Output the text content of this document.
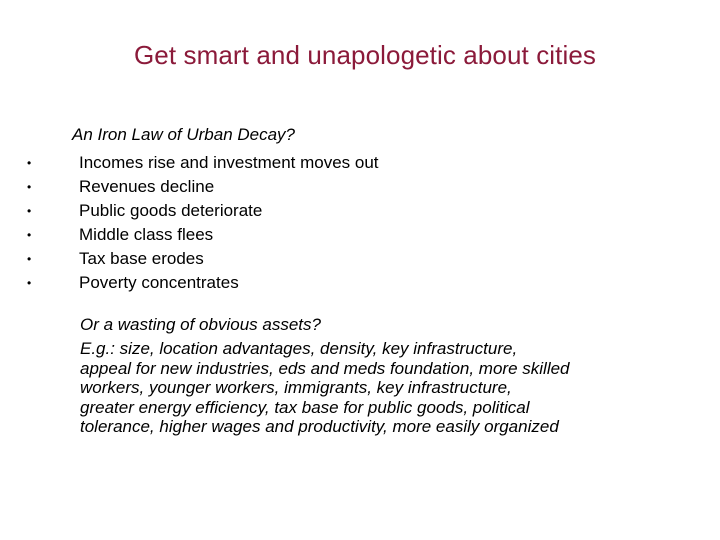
Get smart and unapologetic about cities
An Iron Law of Urban Decay?
•	Incomes rise and investment moves out
•	Revenues decline
•	Public goods deteriorate
•	Middle class flees
•	Tax base erodes
•	Poverty concentrates
Or a wasting of obvious assets?
E.g.: size, location advantages, density, key infrastructure,
appeal for new industries, eds and meds foundation, more skilled
workers, younger workers, immigrants, key infrastructure,
greater energy efficiency, tax base for public goods, political
tolerance, higher wages and productivity, more easily organized
